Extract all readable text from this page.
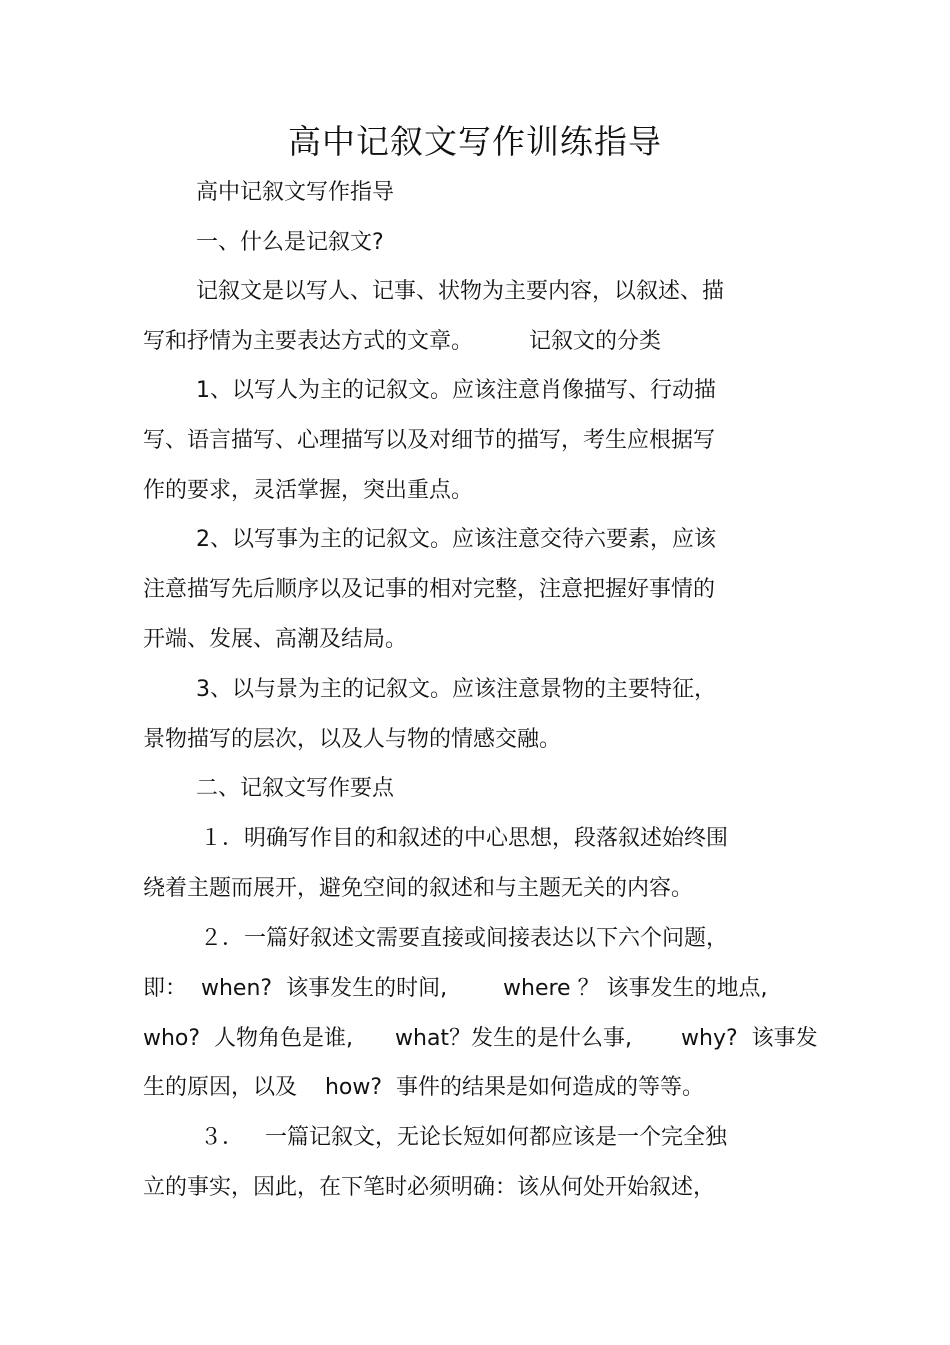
高中记叙文写作训练指导
高中记叙文写作指导
一、什么是记叙文?
记叙文是以写人、记事、状物为主要内容，以叙述、描
写和抒情为主要表达方式的文章。        记叙文的分类
1、以写人为主的记叙文。应该注意肖像描写、行动描
写、语言描写、心理描写以及对细节的描写，考生应根据写
作的要求，灵活掌握，突出重点。
2、以写事为主的记叙文。应该注意交待六要素，应该
注意描写先后顺序以及记事的相对完整，注意把握好事情的
开端、发展、高潮及结局。
3、以与景为主的记叙文。应该注意景物的主要特征，
景物描写的层次，以及人与物的情感交融。
二、记叙文写作要点
１．明确写作目的和叙述的中心思想，段落叙述始终围
绕着主题而展开，避免空间的叙述和与主题无关的内容。
２．一篇好叙述文需要直接或间接表达以下六个问题，
即：  when?  该事发生的时间,        where ？ 该事发生的地点,
who?  人物角色是谁,      what？发生的是什么事,       why?  该事发
生的原因，以及    how?  事件的结果是如何造成的等等。
３．   一篇记叙文，无论长短如何都应该是一个完全独
立的事实，因此，在下笔时必须明确：该从何处开始叙述，
